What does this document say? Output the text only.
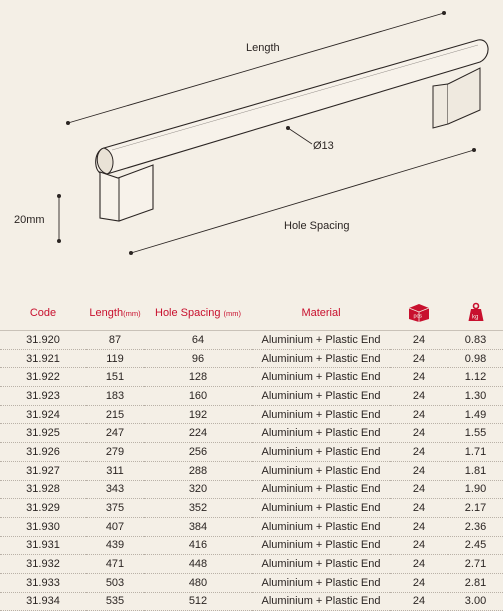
Length
Ø13
20mm	Hole Spacing
Code	Length(mm)	Hole Spacing (mm)	Material	pcs	kg

31.920	87	64	Aluminium + Plastic End	24	0.83
31.921	119	96	Aluminium + Plastic End	24	0.98
31.922	151	128	Aluminium + Plastic End	24	1.12
31.923	183	160	Aluminium + Plastic End	24	1.30
31.924	215	192	Aluminium + Plastic End	24	1.49
31.925	247	224	Aluminium + Plastic End	24	1.55
31.926	279	256	Aluminium + Plastic End	24	1.71
31.927	311	288	Aluminium + Plastic End	24	1.81
31.928	343	320	Aluminium + Plastic End	24	1.90
31.929	375	352	Aluminium + Plastic End	24	2.17
31.930	407	384	Aluminium + Plastic End	24	2.36
31.931	439	416	Aluminium + Plastic End	24	2.45
31.932	471	448	Aluminium + Plastic End	24	2.71
31.933	503	480	Aluminium + Plastic End	24	2.81
31.934	535	512	Aluminium + Plastic End	24	3.00
